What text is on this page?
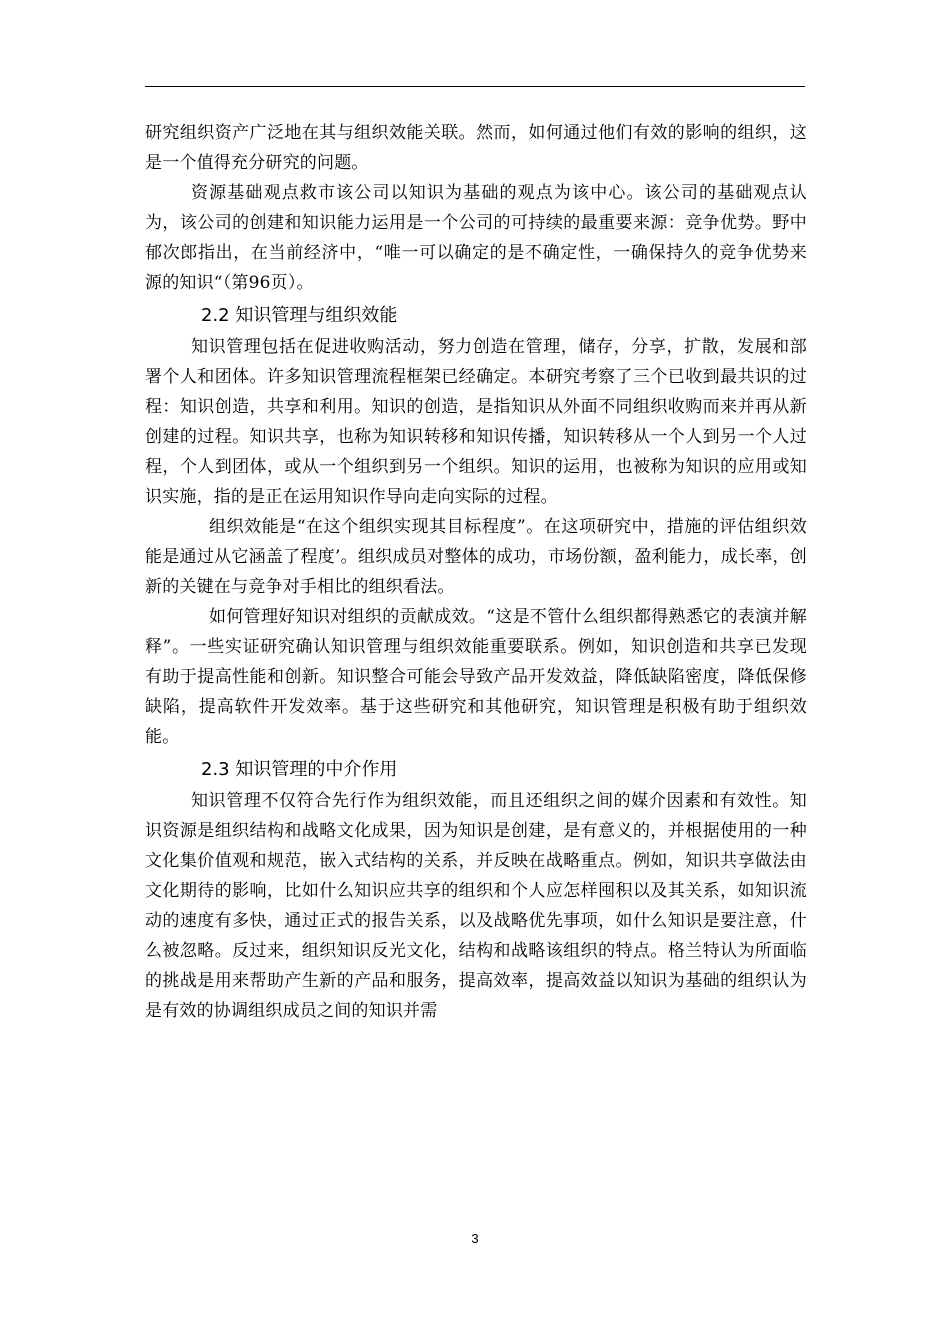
研究组织资产广泛地在其与组织效能关联。然而，如何通过他们有效的影响的组织，这是一个值得充分研究的问题。

资源基础观点救市该公司以知识为基础的观点为该中心。该公司的基础观点认为，该公司的创建和知识能力运用是一个公司的可持续的最重要来源：竞争优势。野中郁次郎指出，在当前经济中，“唯一可以确定的是不确定性，一确保持久的竞争优势来源的知识“（第96页）。

2.2 知识管理与组织效能

知识管理包括在促进收购活动，努力创造在管理，储存，分享，扩散，发展和部署个人和团体。许多知识管理流程框架已经确定。本研究考察了三个已收到最共识的过程：知识创造，共享和利用。知识的创造，是指知识从外面不同组织收购而来并再从新创建的过程。知识共享，也称为知识转移和知识传播，知识转移从一个人到另一个人过程，个人到团体，或从一个组织到另一个组织。知识的运用，也被称为知识的应用或知识实施，指的是正在运用知识作导向走向实际的过程。

组织效能是“在这个组织实现其目标程度”。在这项研究中，措施的评估组织效能是通过从它涵盖了程度’。组织成员对整体的成功，市场份额，盈利能力，成长率，创新的关键在与竞争对手相比的组织看法。

如何管理好知识对组织的贡献成效。“这是不管什么组织都得熟悉它的表演并解释”。一些实证研究确认知识管理与组织效能重要联系。例如，知识创造和共享已发现有助于提高性能和创新。知识整合可能会导致产品开发效益，降低缺陷密度，降低保修缺陷，提高软件开发效率。基于这些研究和其他研究，知识管理是积极有助于组织效能。

2.3 知识管理的中介作用

知识管理不仅符合先行作为组织效能，而且还组织之间的媒介因素和有效性。知识资源是组织结构和战略文化成果，因为知识是创建，是有意义的，并根据使用的一种文化集价值观和规范，嵌入式结构的关系，并反映在战略重点。例如，知识共享做法由文化期待的影响，比如什么知识应共享的组织和个人应怎样囤积以及其关系，如知识流动的速度有多快，通过正式的报告关系，以及战略优先事项，如什么知识是要注意，什么被忽略。反过来，组织知识反光文化，结构和战略该组织的特点。格兰特认为所面临的挑战是用来帮助产生新的产品和服务，提高效率，提高效益以知识为基础的组织认为是有效的协调组织成员之间的知识并需

3
